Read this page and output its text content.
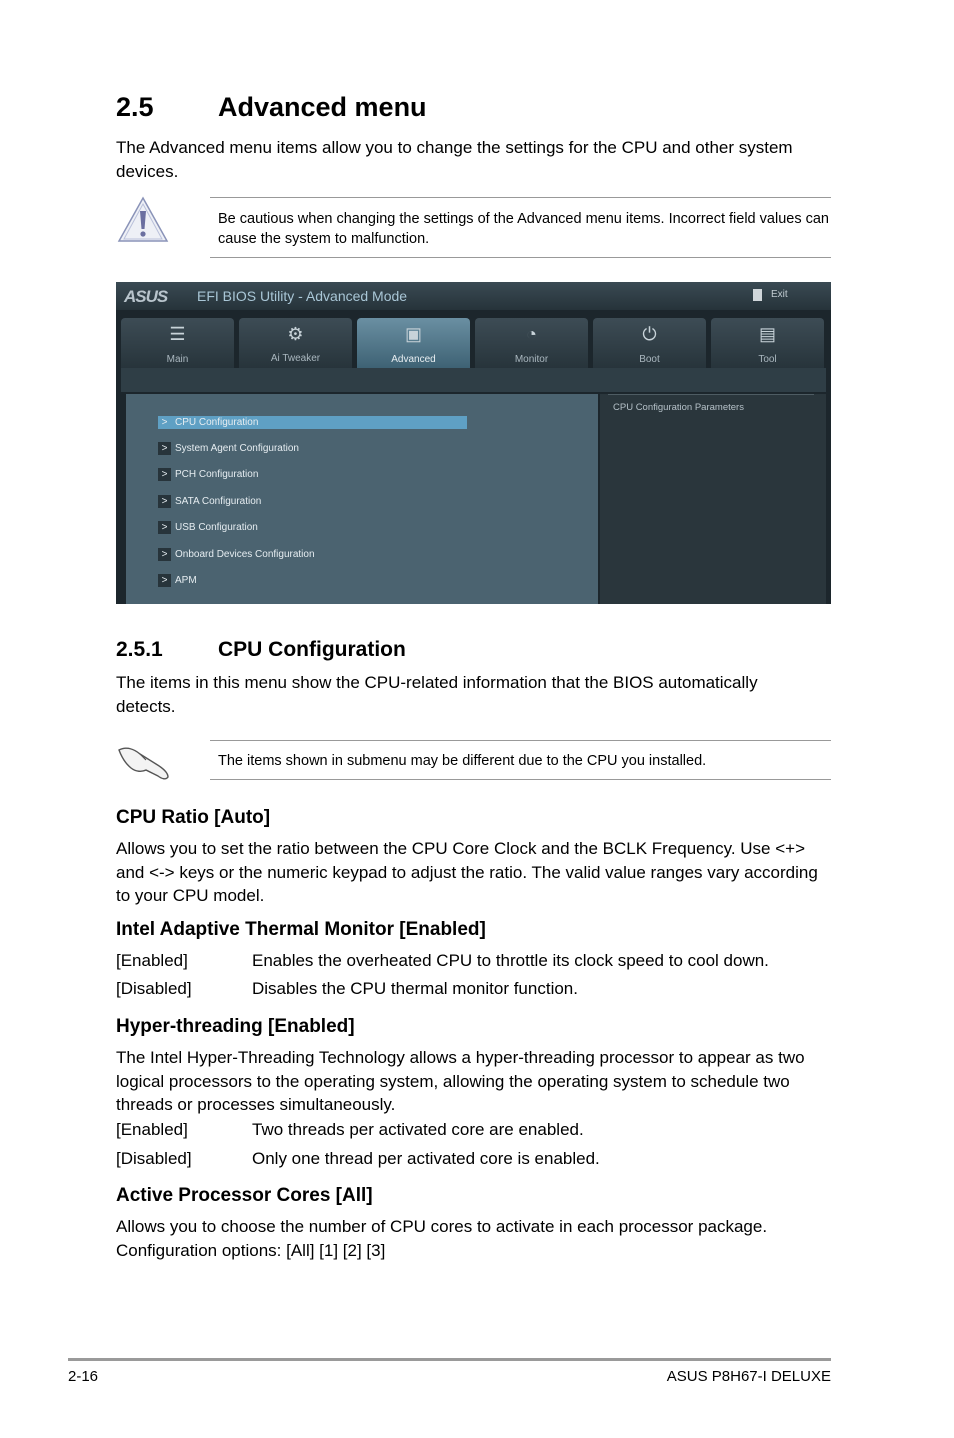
2.5 Advanced menu
The Advanced menu items allow you to change the settings for the CPU and other system devices.
Be cautious when changing the settings of the Advanced menu items. Incorrect field values can cause the system to malfunction.
ASUS EFI BIOS Utility - Advanced Mode	Exit
☰
Main
⚙
Ai Tweaker
▣
Advanced
◔
Monitor
⏻
Boot
▤
Tool
> CPU Configuration
> System Agent Configuration
> PCH Configuration
> SATA Configuration
> USB Configuration
> Onboard Devices Configuration
> APM
CPU Configuration Parameters
2.5.1	CPU Configuration
The items in this menu show the CPU-related information that the BIOS automatically detects.
The items shown in submenu may be different due to the CPU you installed.
CPU Ratio [Auto]
Allows you to set the ratio between the CPU Core Clock and the BCLK Frequency. Use <+> and <-> keys or the numeric keypad to adjust the ratio. The valid value ranges vary according to your CPU model.
Intel Adaptive Thermal Monitor [Enabled]
[Enabled]	Enables the overheated CPU to throttle its clock speed to cool down.
[Disabled]	Disables the CPU thermal monitor function.
Hyper-threading [Enabled]
The Intel Hyper-Threading Technology allows a hyper-threading processor to appear as two logical processors to the operating system, allowing the operating system to schedule two threads or processes simultaneously.
[Enabled]	Two threads per activated core are enabled.
[Disabled]	Only one thread per activated core is enabled.
Active Processor Cores [All]
Allows you to choose the number of CPU cores to activate in each processor package. Configuration options: [All] [1] [2] [3]
2-16	ASUS P8H67-I DELUXE
